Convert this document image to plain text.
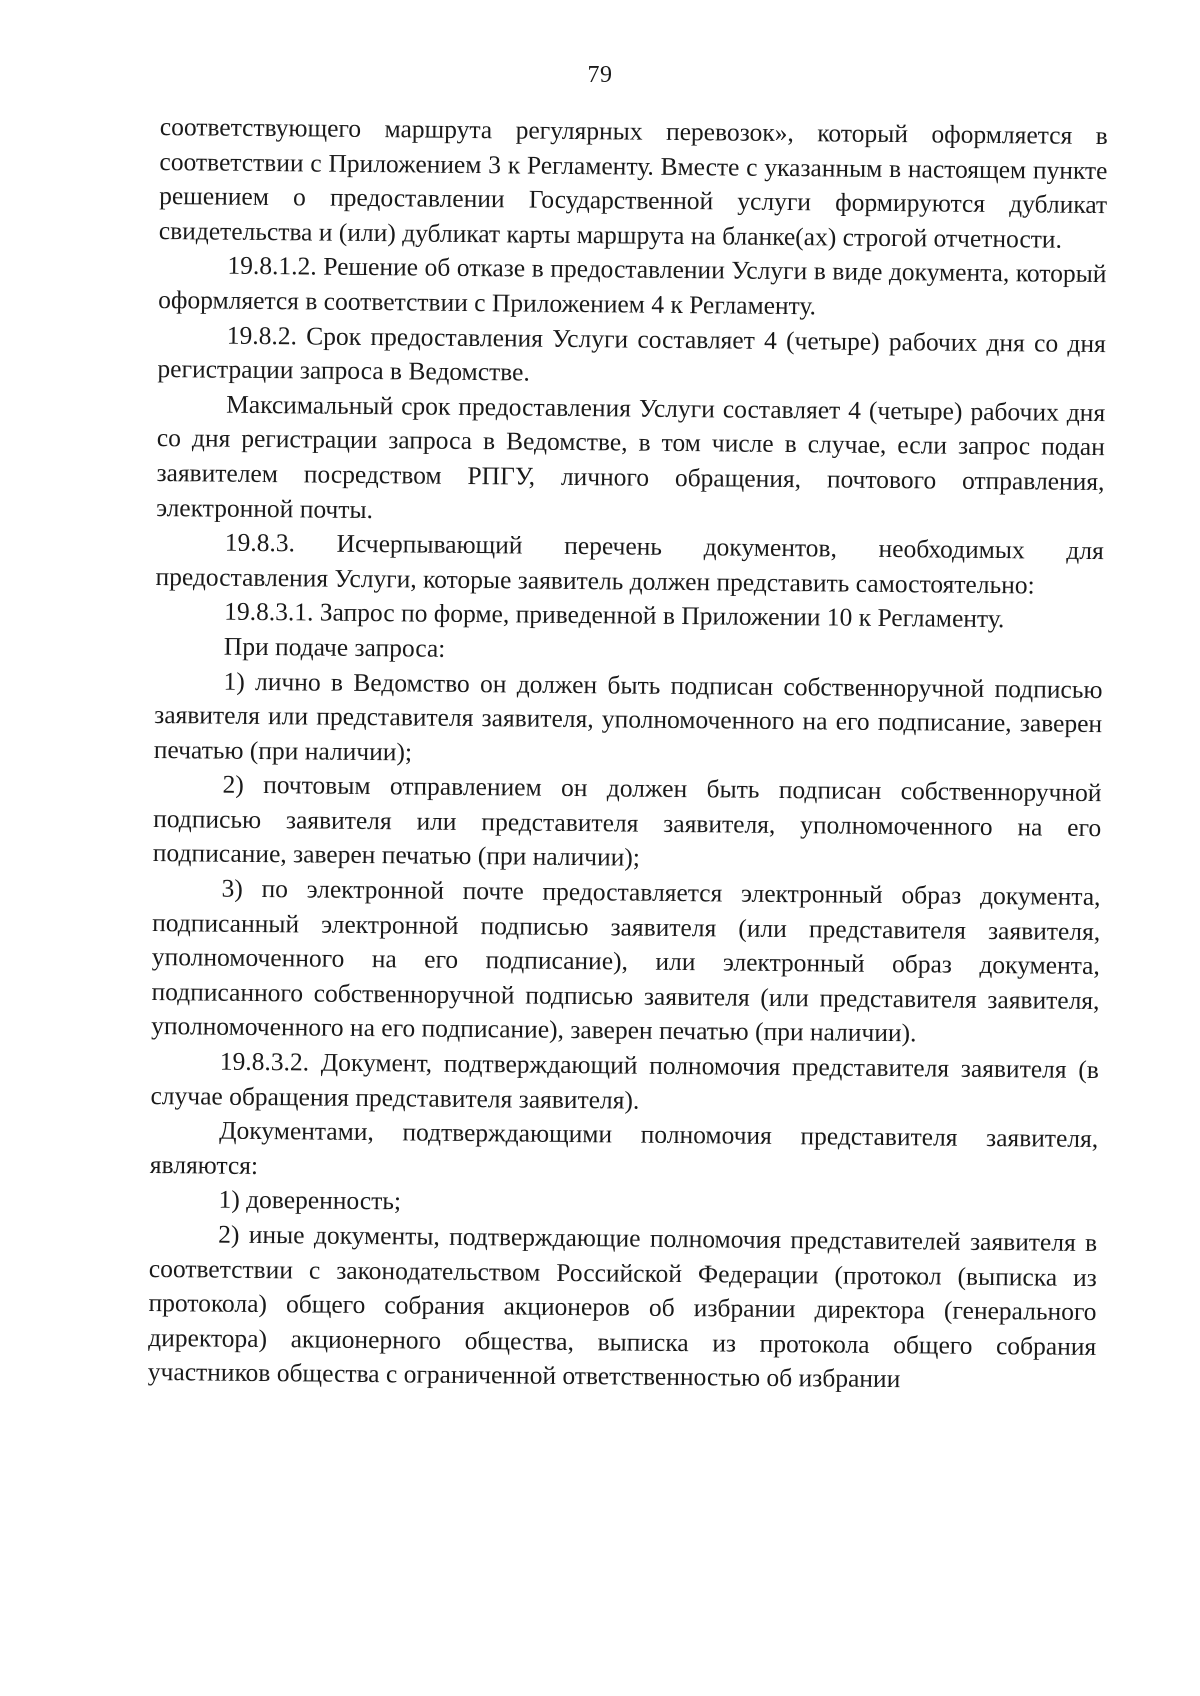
79

соответствующего маршрута регулярных перевозок», который оформляется в соответствии с Приложением 3 к Регламенту. Вместе с указанным в настоящем пункте решением о предоставлении Государственной услуги формируются дубликат свидетельства и (или) дубликат карты маршрута на бланке(ах) строгой отчетности.

19.8.1.2. Решение об отказе в предоставлении Услуги в виде документа, который оформляется в соответствии с Приложением 4 к Регламенту.

19.8.2. Срок предоставления Услуги составляет 4 (четыре) рабочих дня со дня регистрации запроса в Ведомстве.

Максимальный срок предоставления Услуги составляет 4 (четыре) рабочих дня со дня регистрации запроса в Ведомстве, в том числе в случае, если запрос подан заявителем посредством РПГУ, личного обращения, почтового отправления, электронной почты.

19.8.3. Исчерпывающий перечень документов, необходимых для предоставления Услуги, которые заявитель должен представить самостоятельно:

19.8.3.1. Запрос по форме, приведенной в Приложении 10 к Регламенту.

При подаче запроса:

1) лично в Ведомство он должен быть подписан собственноручной подписью заявителя или представителя заявителя, уполномоченного на его подписание, заверен печатью (при наличии);

2) почтовым отправлением он должен быть подписан собственноручной подписью заявителя или представителя заявителя, уполномоченного на его подписание, заверен печатью (при наличии);

3) по электронной почте предоставляется электронный образ документа, подписанный электронной подписью заявителя (или представителя заявителя, уполномоченного на его подписание), или электронный образ документа, подписанного собственноручной подписью заявителя (или представителя заявителя, уполномоченного на его подписание), заверен печатью (при наличии).

19.8.3.2. Документ, подтверждающий полномочия представителя заявителя (в случае обращения представителя заявителя).

Документами, подтверждающими полномочия представителя заявителя, являются:

1) доверенность;

2) иные документы, подтверждающие полномочия представителей заявителя в соответствии с законодательством Российской Федерации (протокол (выписка из протокола) общего собрания акционеров об избрании директора (генерального директора) акционерного общества, выписка из протокола общего собрания участников общества с ограниченной ответственностью об избрании
